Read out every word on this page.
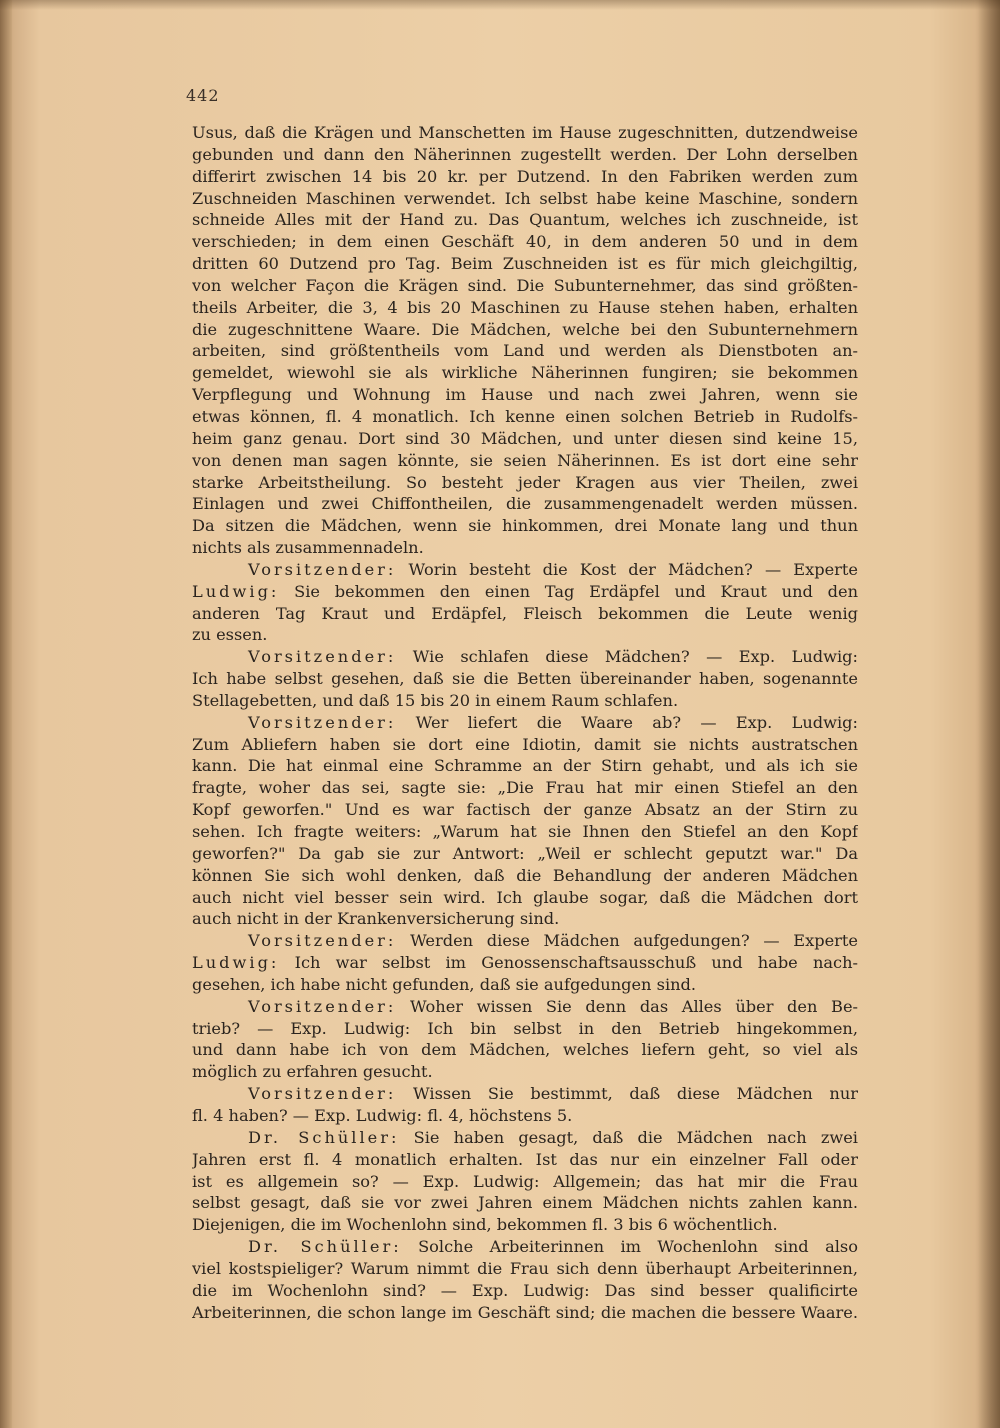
442
Usus, daß die Krägen und Manschetten im Hause zugeschnitten, dutzendweise
gebunden und dann den Näherinnen zugestellt werden. Der Lohn derselben
differirt zwischen 14 bis 20 kr. per Dutzend. In den Fabriken werden zum
Zuschneiden Maschinen verwendet. Ich selbst habe keine Maschine, sondern
schneide Alles mit der Hand zu. Das Quantum, welches ich zuschneide, ist
verschieden; in dem einen Geschäft 40, in dem anderen 50 und in dem
dritten 60 Dutzend pro Tag. Beim Zuschneiden ist es für mich gleichgiltig,
von welcher Façon die Krägen sind. Die Subunternehmer, das sind größten-
theils Arbeiter, die 3, 4 bis 20 Maschinen zu Hause stehen haben, erhalten
die zugeschnittene Waare. Die Mädchen, welche bei den Subunternehmern
arbeiten, sind größtentheils vom Land und werden als Dienstboten an-
gemeldet, wiewohl sie als wirkliche Näherinnen fungiren; sie bekommen
Verpflegung und Wohnung im Hause und nach zwei Jahren, wenn sie
etwas können, fl. 4 monatlich. Ich kenne einen solchen Betrieb in Rudolfs-
heim ganz genau. Dort sind 30 Mädchen, und unter diesen sind keine 15,
von denen man sagen könnte, sie seien Näherinnen. Es ist dort eine sehr
starke Arbeitstheilung. So besteht jeder Kragen aus vier Theilen, zwei
Einlagen und zwei Chiffontheilen, die zusammengenadelt werden müssen.
Da sitzen die Mädchen, wenn sie hinkommen, drei Monate lang und thun
nichts als zusammennadeln.
Vorsitzender: Worin besteht die Kost der Mädchen? — Experte
Ludwig: Sie bekommen den einen Tag Erdäpfel und Kraut und den
anderen Tag Kraut und Erdäpfel, Fleisch bekommen die Leute wenig
zu essen.
Vorsitzender: Wie schlafen diese Mädchen? — Exp. Ludwig:
Ich habe selbst gesehen, daß sie die Betten übereinander haben, sogenannte
Stellagebetten, und daß 15 bis 20 in einem Raum schlafen.
Vorsitzender: Wer liefert die Waare ab? — Exp. Ludwig:
Zum Abliefern haben sie dort eine Idiotin, damit sie nichts austratschen
kann. Die hat einmal eine Schramme an der Stirn gehabt, und als ich sie
fragte, woher das sei, sagte sie: „Die Frau hat mir einen Stiefel an den
Kopf geworfen." Und es war factisch der ganze Absatz an der Stirn zu
sehen. Ich fragte weiters: „Warum hat sie Ihnen den Stiefel an den Kopf
geworfen?" Da gab sie zur Antwort: „Weil er schlecht geputzt war." Da
können Sie sich wohl denken, daß die Behandlung der anderen Mädchen
auch nicht viel besser sein wird. Ich glaube sogar, daß die Mädchen dort
auch nicht in der Krankenversicherung sind.
Vorsitzender: Werden diese Mädchen aufgedungen? — Experte
Ludwig: Ich war selbst im Genossenschaftsausschuß und habe nach-
gesehen, ich habe nicht gefunden, daß sie aufgedungen sind.
Vorsitzender: Woher wissen Sie denn das Alles über den Be-
trieb? — Exp. Ludwig: Ich bin selbst in den Betrieb hingekommen,
und dann habe ich von dem Mädchen, welches liefern geht, so viel als
möglich zu erfahren gesucht.
Vorsitzender: Wissen Sie bestimmt, daß diese Mädchen nur
fl. 4 haben? — Exp. Ludwig: fl. 4, höchstens 5.
Dr. Schüller: Sie haben gesagt, daß die Mädchen nach zwei
Jahren erst fl. 4 monatlich erhalten. Ist das nur ein einzelner Fall oder
ist es allgemein so? — Exp. Ludwig: Allgemein; das hat mir die Frau
selbst gesagt, daß sie vor zwei Jahren einem Mädchen nichts zahlen kann.
Diejenigen, die im Wochenlohn sind, bekommen fl. 3 bis 6 wöchentlich.
Dr. Schüller: Solche Arbeiterinnen im Wochenlohn sind also
viel kostspieliger? Warum nimmt die Frau sich denn überhaupt Arbeiterinnen,
die im Wochenlohn sind? — Exp. Ludwig: Das sind besser qualificirte
Arbeiterinnen, die schon lange im Geschäft sind; die machen die bessere Waare.
